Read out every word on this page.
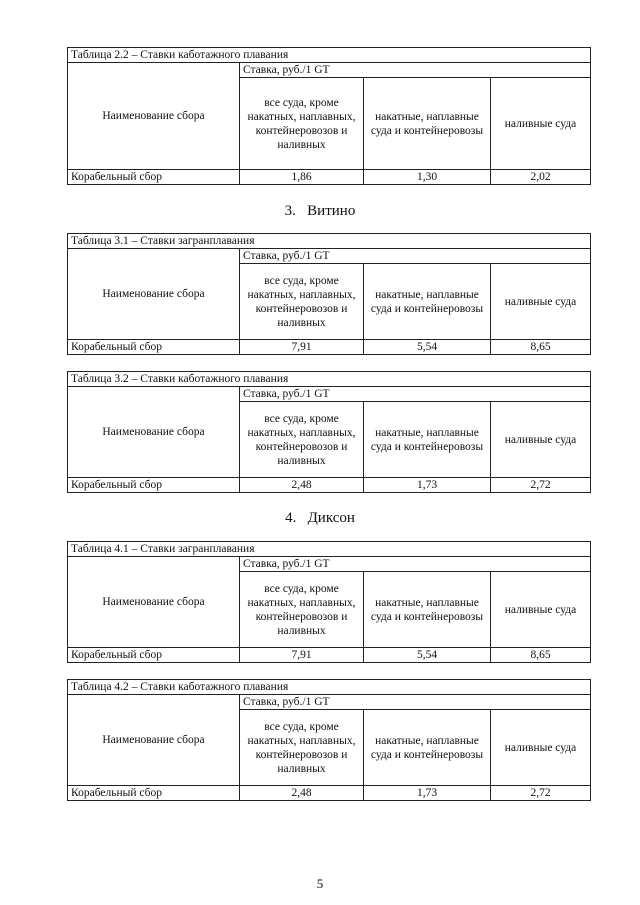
Таблица 2.2 – Ставки каботажного плавания			
Наименование сбора	Ставка, руб./1 GT		
	все суда, кроме накатных, наплавных, контейнеровозов и наливных	накатные, наплавные суда и контейнеровозы	наливные суда
Корабельный сбор	1,86	1,30	2,02
3. Витино
Таблица 3.1 – Ставки загранплавания			
Наименование сбора	Ставка, руб./1 GT		
	все суда, кроме накатных, наплавных, контейнеровозов и наливных	накатные, наплавные суда и контейнеровозы	наливные суда
Корабельный сбор	7,91	5,54	8,65
Таблица 3.2 – Ставки каботажного плавания			
Наименование сбора	Ставка, руб./1 GT		
	все суда, кроме накатных, наплавных, контейнеровозов и наливных	накатные, наплавные суда и контейнеровозы	наливные суда
Корабельный сбор	2,48	1,73	2,72
4. Диксон
Таблица 4.1 – Ставки загранплавания			
Наименование сбора	Ставка, руб./1 GT		
	все суда, кроме накатных, наплавных, контейнеровозов и наливных	накатные, наплавные суда и контейнеровозы	наливные суда
Корабельный сбор	7,91	5,54	8,65
Таблица 4.2 – Ставки каботажного плавания			
Наименование сбора	Ставка, руб./1 GT		
	все суда, кроме накатных, наплавных, контейнеровозов и наливных	накатные, наплавные суда и контейнеровозы	наливные суда
Корабельный сбор	2,48	1,73	2,72
5
